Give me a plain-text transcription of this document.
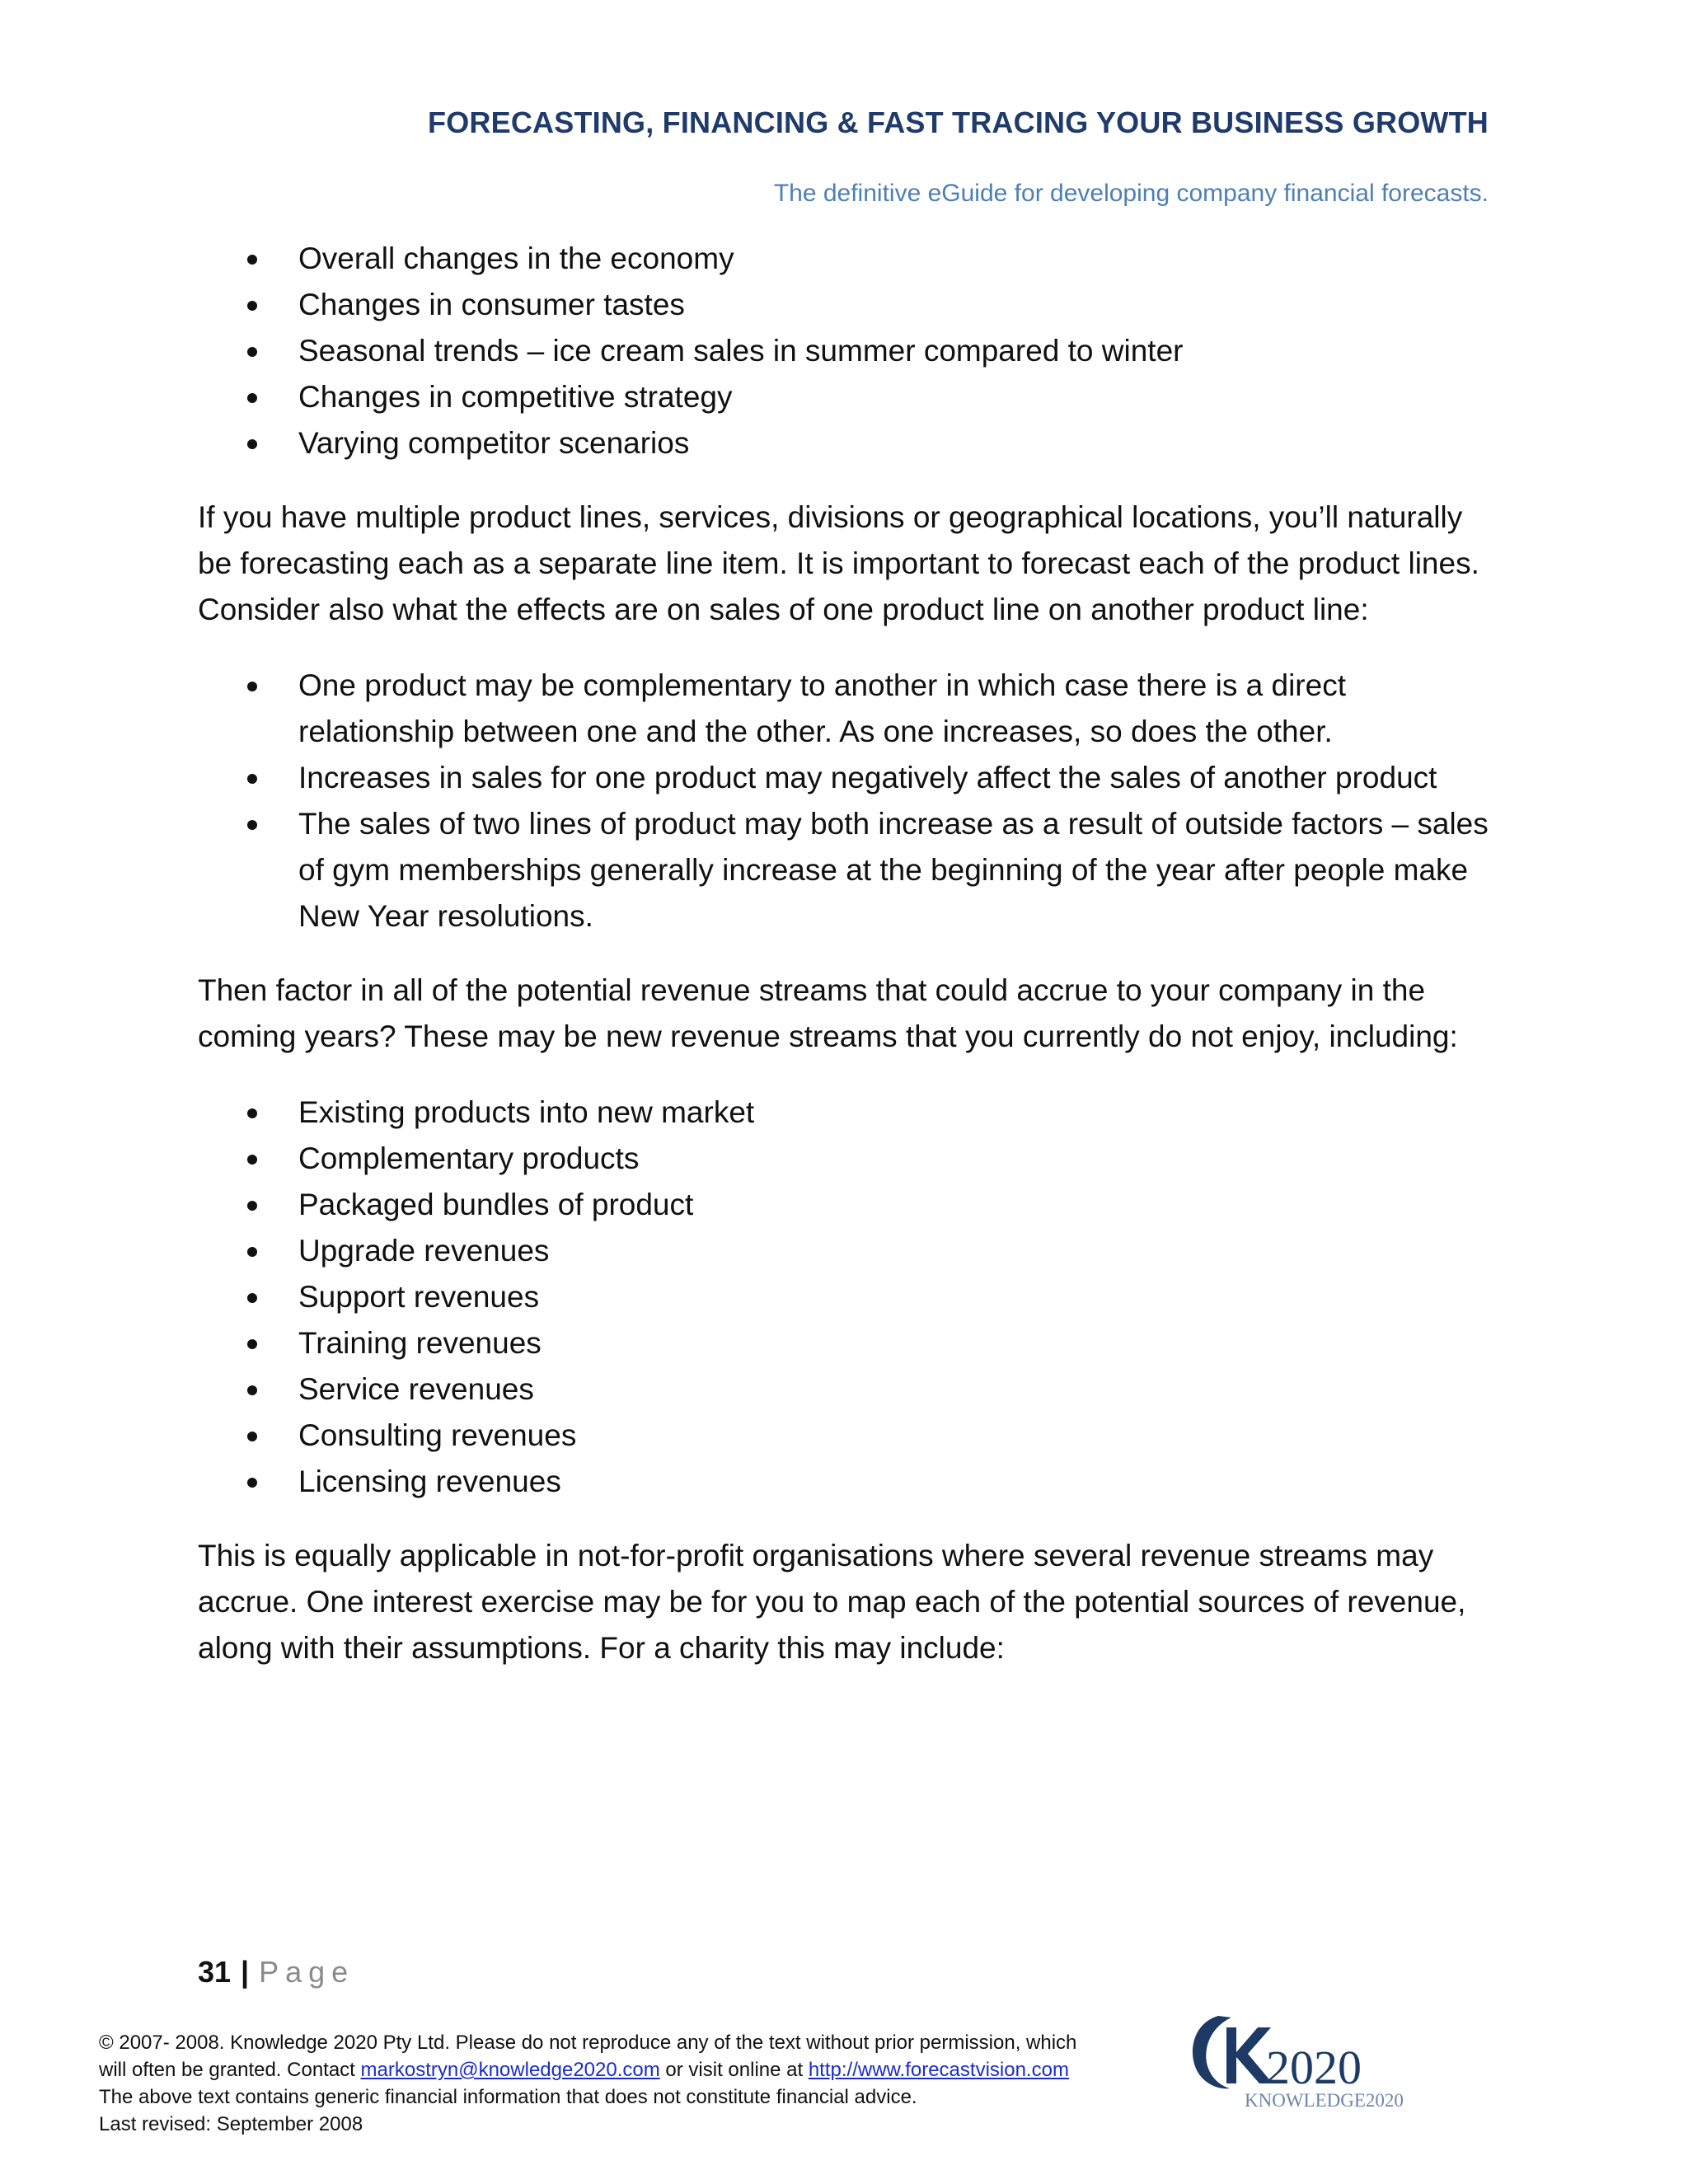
FORECASTING, FINANCING & FAST TRACING YOUR BUSINESS GROWTH
The definitive eGuide for developing company financial forecasts.
Overall changes in the economy
Changes in consumer tastes
Seasonal trends – ice cream sales in summer compared to winter
Changes in competitive strategy
Varying competitor scenarios

If you have multiple product lines, services, divisions or geographical locations, you’ll naturally be forecasting each as a separate line item. It is important to forecast each of the product lines. Consider also what the effects are on sales of one product line on another product line:

One product may be complementary to another in which case there is a direct relationship between one and the other. As one increases, so does the other.
Increases in sales for one product may negatively affect the sales of another product
The sales of two lines of product may both increase as a result of outside factors – sales of gym memberships generally increase at the beginning of the year after people make New Year resolutions.

Then factor in all of the potential revenue streams that could accrue to your company in the coming years? These may be new revenue streams that you currently do not enjoy, including:

Existing products into new market
Complementary products
Packaged bundles of product
Upgrade revenues
Support revenues
Training revenues
Service revenues
Consulting revenues
Licensing revenues

This is equally applicable in not-for-profit organisations where several revenue streams may accrue. One interest exercise may be for you to map each of the potential sources of revenue, along with their assumptions. For a charity this may include:

31 | Page
© 2007- 2008. Knowledge 2020 Pty Ltd. Please do not reproduce any of the text without prior permission, which
will often be granted. Contact markostryn@knowledge2020.com or visit online at http://www.forecastvision.com
The above text contains generic financial information that does not constitute financial advice.
Last revised: September 2008
2020
KNOWLEDGE2020
